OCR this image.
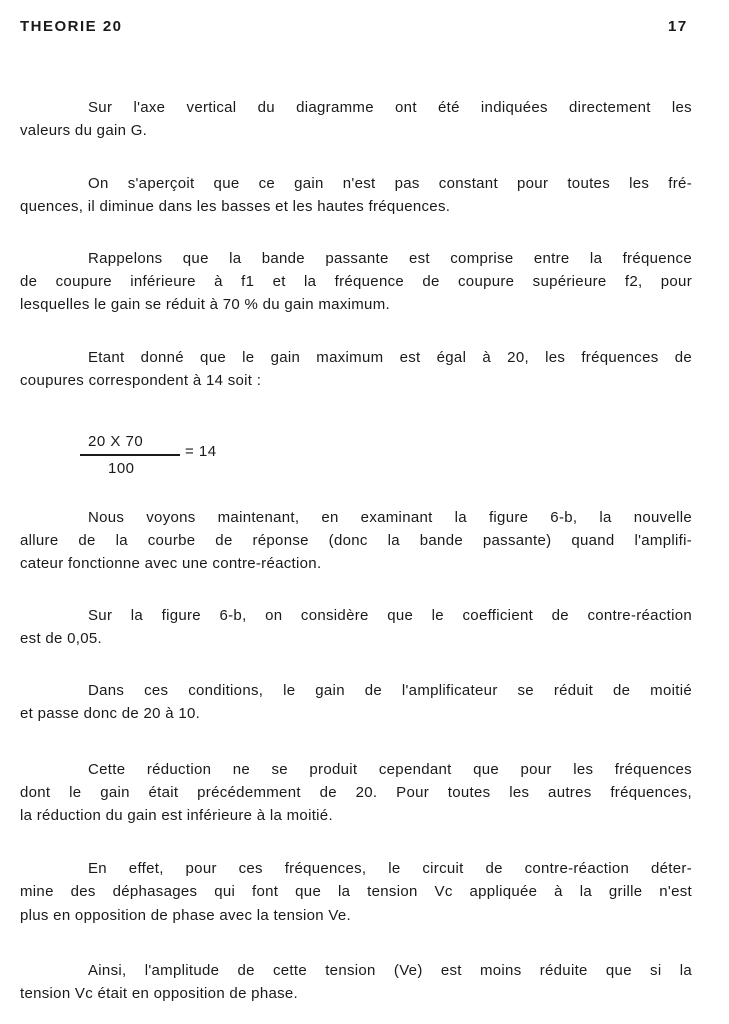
THEORIE 20	17
Sur l'axe vertical du diagramme ont été indiquées directement les
valeurs du gain G.
On s'aperçoit que ce gain n'est pas constant pour toutes les fré-
quences, il diminue dans les basses et les hautes fréquences.
Rappelons que la bande passante est comprise entre la fréquence
de coupure inférieure à f1 et la fréquence de coupure supérieure f2, pour
lesquelles le gain se réduit à 70 % du gain maximum.
Etant donné que le gain maximum est égal à 20, les fréquences de
coupures correspondent à 14 soit :
Nous voyons maintenant, en examinant la figure 6-b, la nouvelle
allure de la courbe de réponse (donc la bande passante) quand l'amplifi-
cateur fonctionne avec une contre-réaction.
Sur la figure 6-b, on considère que le coefficient de contre-réaction
est de 0,05.
Dans ces conditions, le gain de l'amplificateur se réduit de moitié
et passe donc de 20 à 10.
Cette réduction ne se produit cependant que pour les fréquences
dont le gain était précédemment de 20. Pour toutes les autres fréquences,
la réduction du gain est inférieure à la moitié.
En effet, pour ces fréquences, le circuit de contre-réaction déter-
mine des déphasages qui font que la tension Vc appliquée à la grille n'est
plus en opposition de phase avec la tension Ve.
Ainsi, l'amplitude de cette tension (Ve) est moins réduite que si la
tension Vc était en opposition de phase.
20 X 70
100
= 14
